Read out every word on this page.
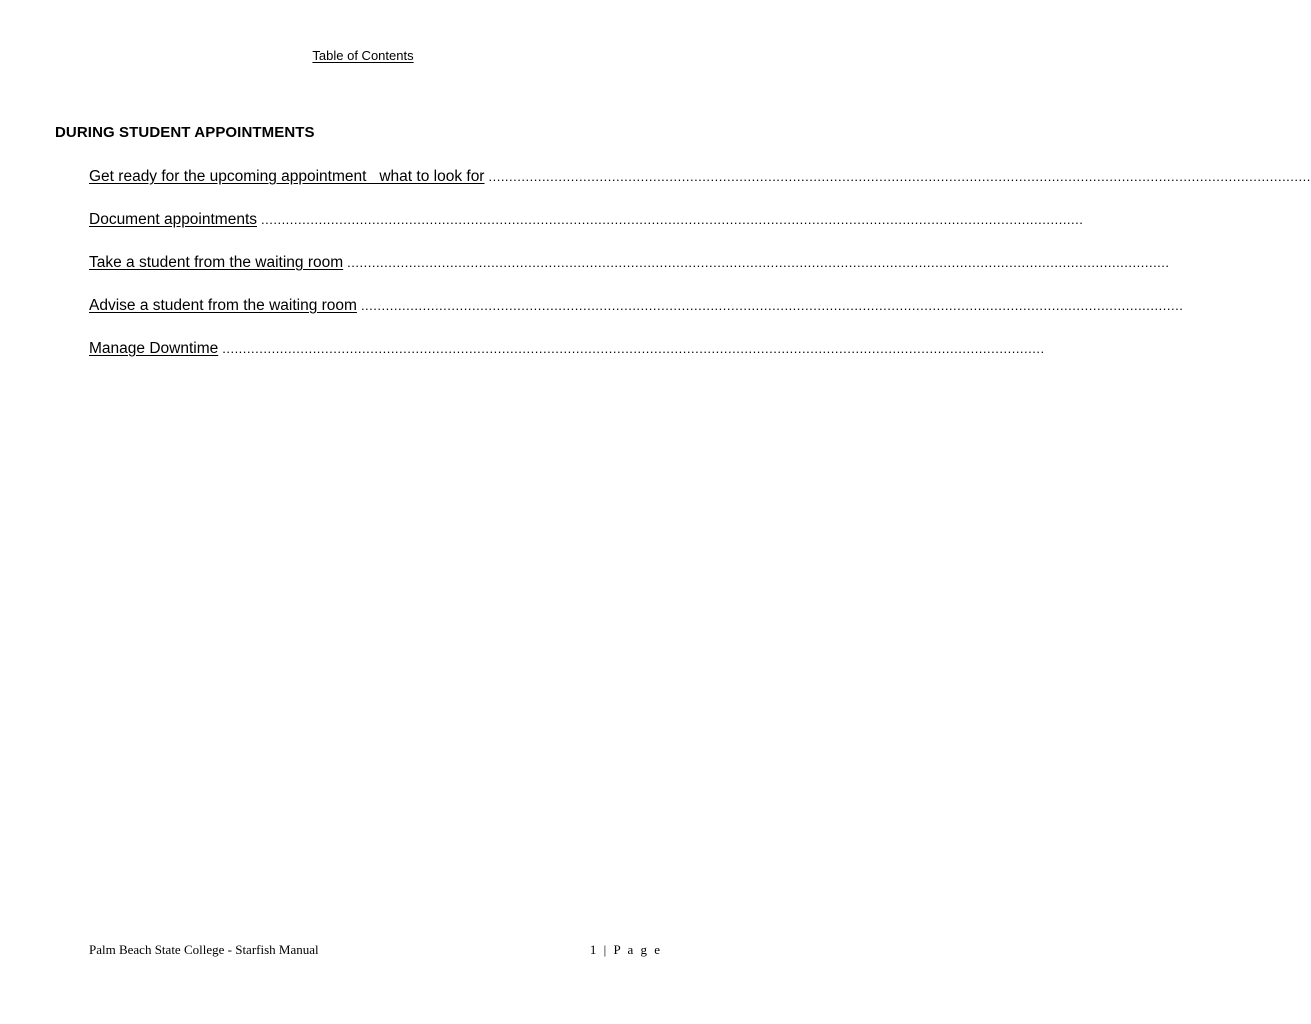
Table of Contents
DURING STUDENT APPOINTMENTS
Get ready for the upcoming appointment   what to look for ........................................................................................................................................................................................................
Document appointments ........................................................................................................................................................................................................
Take a student from the waiting room ........................................................................................................................................................................................................
Advise a student from the waiting room ........................................................................................................................................................................................................
Manage Downtime ........................................................................................................................................................................................................
Palm Beach State College - Starfish Manual	1 | P a g e
